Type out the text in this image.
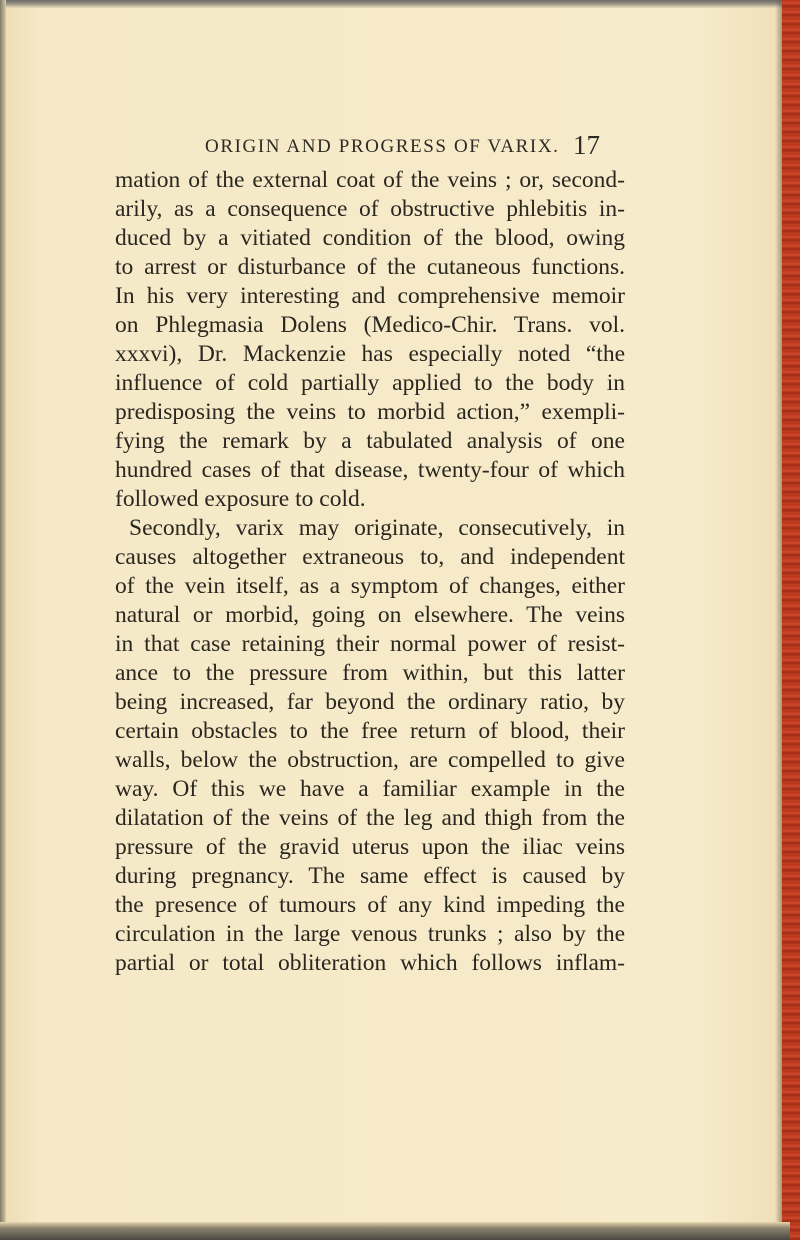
ORIGIN AND PROGRESS OF VARIX. 17
mation of the external coat of the veins ; or, second-
arily, as a consequence of obstructive phlebitis in-
duced by a vitiated condition of the blood, owing
to arrest or disturbance of the cutaneous functions.
In his very interesting and comprehensive memoir
on Phlegmasia Dolens (Medico-Chir. Trans. vol.
xxxvi), Dr. Mackenzie has especially noted “the
influence of cold partially applied to the body in
predisposing the veins to morbid action,” exempli-
fying the remark by a tabulated analysis of one
hundred cases of that disease, twenty-four of which
followed exposure to cold.
Secondly, varix may originate, consecutively, in
causes altogether extraneous to, and independent
of the vein itself, as a symptom of changes, either
natural or morbid, going on elsewhere. The veins
in that case retaining their normal power of resist-
ance to the pressure from within, but this latter
being increased, far beyond the ordinary ratio, by
certain obstacles to the free return of blood, their
walls, below the obstruction, are compelled to give
way. Of this we have a familiar example in the
dilatation of the veins of the leg and thigh from the
pressure of the gravid uterus upon the iliac veins
during pregnancy. The same effect is caused by
the presence of tumours of any kind impeding the
circulation in the large venous trunks ; also by the
partial or total obliteration which follows inflam-
